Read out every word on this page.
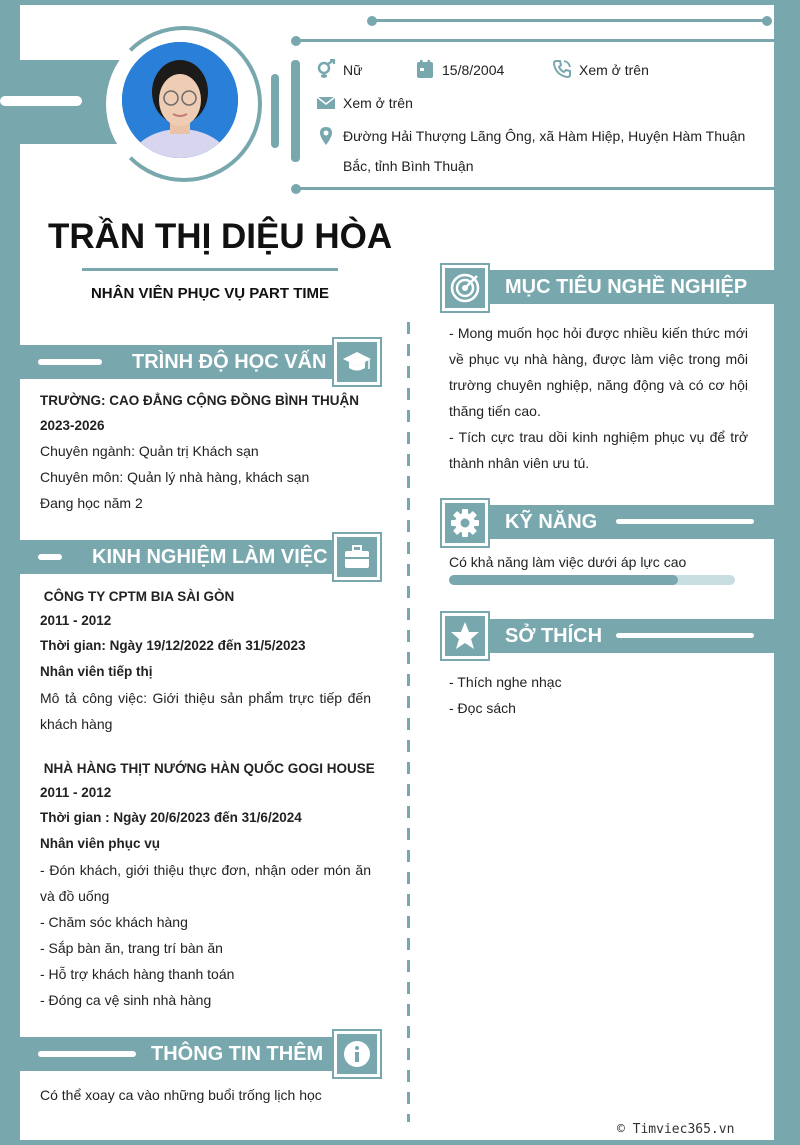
Nữ	15/8/2004	Xem ở trên
Xem ở trên
Đường Hải Thượng Lãng Ông, xã Hàm Hiệp, Huyện Hàm Thuận
Bắc, tỉnh Bình Thuận
TRẦN THỊ DIỆU HÒA
NHÂN VIÊN PHỤC VỤ PART TIME
TRÌNH ĐỘ HỌC VẤN
TRƯỜNG: CAO ĐẲNG CỘNG ĐỒNG BÌNH THUẬN
2023-2026
Chuyên ngành: Quản trị Khách sạn
Chuyên môn: Quản lý nhà hàng, khách sạn
Đang học năm 2
KINH NGHIỆM LÀM VIỆC
CÔNG TY CPTM BIA SÀI GÒN
2011 - 2012
Thời gian: Ngày 19/12/2022 đến 31/5/2023
Nhân viên tiếp thị
Mô tả công việc: Giới thiệu sản phẩm trực tiếp đến
khách hàng
NHÀ HÀNG THỊT NƯỚNG HÀN QUỐC GOGI HOUSE
2011 - 2012
Thời gian : Ngày 20/6/2023 đến 31/6/2024
Nhân viên phục vụ
- Đón khách, giới thiệu thực đơn, nhận oder món ăn
và đồ uống
- Chăm sóc khách hàng
- Sắp bàn ăn, trang trí bàn ăn
- Hỗ trợ khách hàng thanh toán
- Đóng ca vệ sinh nhà hàng
THÔNG TIN THÊM
Có thể xoay ca vào những buổi trống lịch học
MỤC TIÊU NGHỀ NGHIỆP
- Mong muốn học hỏi được nhiều kiến thức mới
về phục vụ nhà hàng, được làm việc trong môi
trường chuyên nghiệp, năng động và có cơ hội
thăng tiến cao.
- Tích cực trau dồi kinh nghiệm phục vụ để trở
thành nhân viên ưu tú.
KỸ NĂNG
Có khả năng làm việc dưới áp lực cao
SỞ THÍCH
- Thích nghe nhạc
- Đọc sách
© Timviec365.vn
